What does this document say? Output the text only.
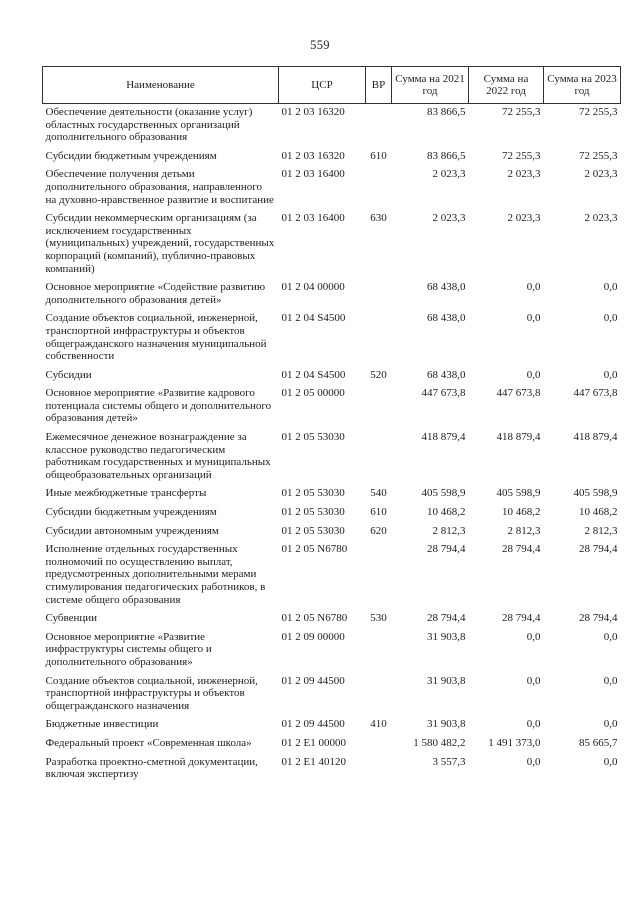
559
Наименование	ЦСР	ВР	Сумма на 2021 год	Сумма на 2022 год	Сумма на 2023 год
Обеспечение деятельности (оказание услуг) областных государственных организаций дополнительного образования	01 2 03 16320		83 866,5	72 255,3	72 255,3
Субсидии бюджетным учреждениям	01 2 03 16320	610	83 866,5	72 255,3	72 255,3
Обеспечение получения детьми дополнительного образования, направленного на духовно-нравственное развитие и воспитание	01 2 03 16400		2 023,3	2 023,3	2 023,3
Субсидии некоммерческим организациям (за исключением государственных (муниципальных) учреждений, государственных корпораций (компаний), публично-правовых компаний)	01 2 03 16400	630	2 023,3	2 023,3	2 023,3
Основное мероприятие «Содействие развитию дополнительного образования детей»	01 2 04 00000		68 438,0	0,0	0,0
Создание объектов социальной, инженерной, транспортной инфраструктуры и объектов общегражданского назначения муниципальной собственности	01 2 04 S4500		68 438,0	0,0	0,0
Субсидии	01 2 04 S4500	520	68 438,0	0,0	0,0
Основное мероприятие «Развитие кадрового потенциала системы общего и дополнительного образования детей»	01 2 05 00000		447 673,8	447 673,8	447 673,8
Ежемесячное денежное вознаграждение за классное руководство педагогическим работникам государственных и муниципальных общеобразовательных организаций	01 2 05 53030		418 879,4	418 879,4	418 879,4
Иные межбюджетные трансферты	01 2 05 53030	540	405 598,9	405 598,9	405 598,9
Субсидии бюджетным учреждениям	01 2 05 53030	610	10 468,2	10 468,2	10 468,2
Субсидии автономным учреждениям	01 2 05 53030	620	2 812,3	2 812,3	2 812,3
Исполнение отдельных государственных полномочий по осуществлению выплат, предусмотренных дополнительными мерами стимулирования педагогических работников, в системе общего образования	01 2 05 N6780		28 794,4	28 794,4	28 794,4
Субвенции	01 2 05 N6780	530	28 794,4	28 794,4	28 794,4
Основное мероприятие «Развитие инфраструктуры системы общего и дополнительного образования»	01 2 09 00000		31 903,8	0,0	0,0
Создание объектов социальной, инженерной, транспортной инфраструктуры и объектов общегражданского назначения	01 2 09 44500		31 903,8	0,0	0,0
Бюджетные инвестиции	01 2 09 44500	410	31 903,8	0,0	0,0
Федеральный проект «Современная школа»	01 2 E1 00000		1 580 482,2	1 491 373,0	85 665,7
Разработка проектно-сметной документации, включая экспертизу	01 2 E1 40120		3 557,3	0,0	0,0
